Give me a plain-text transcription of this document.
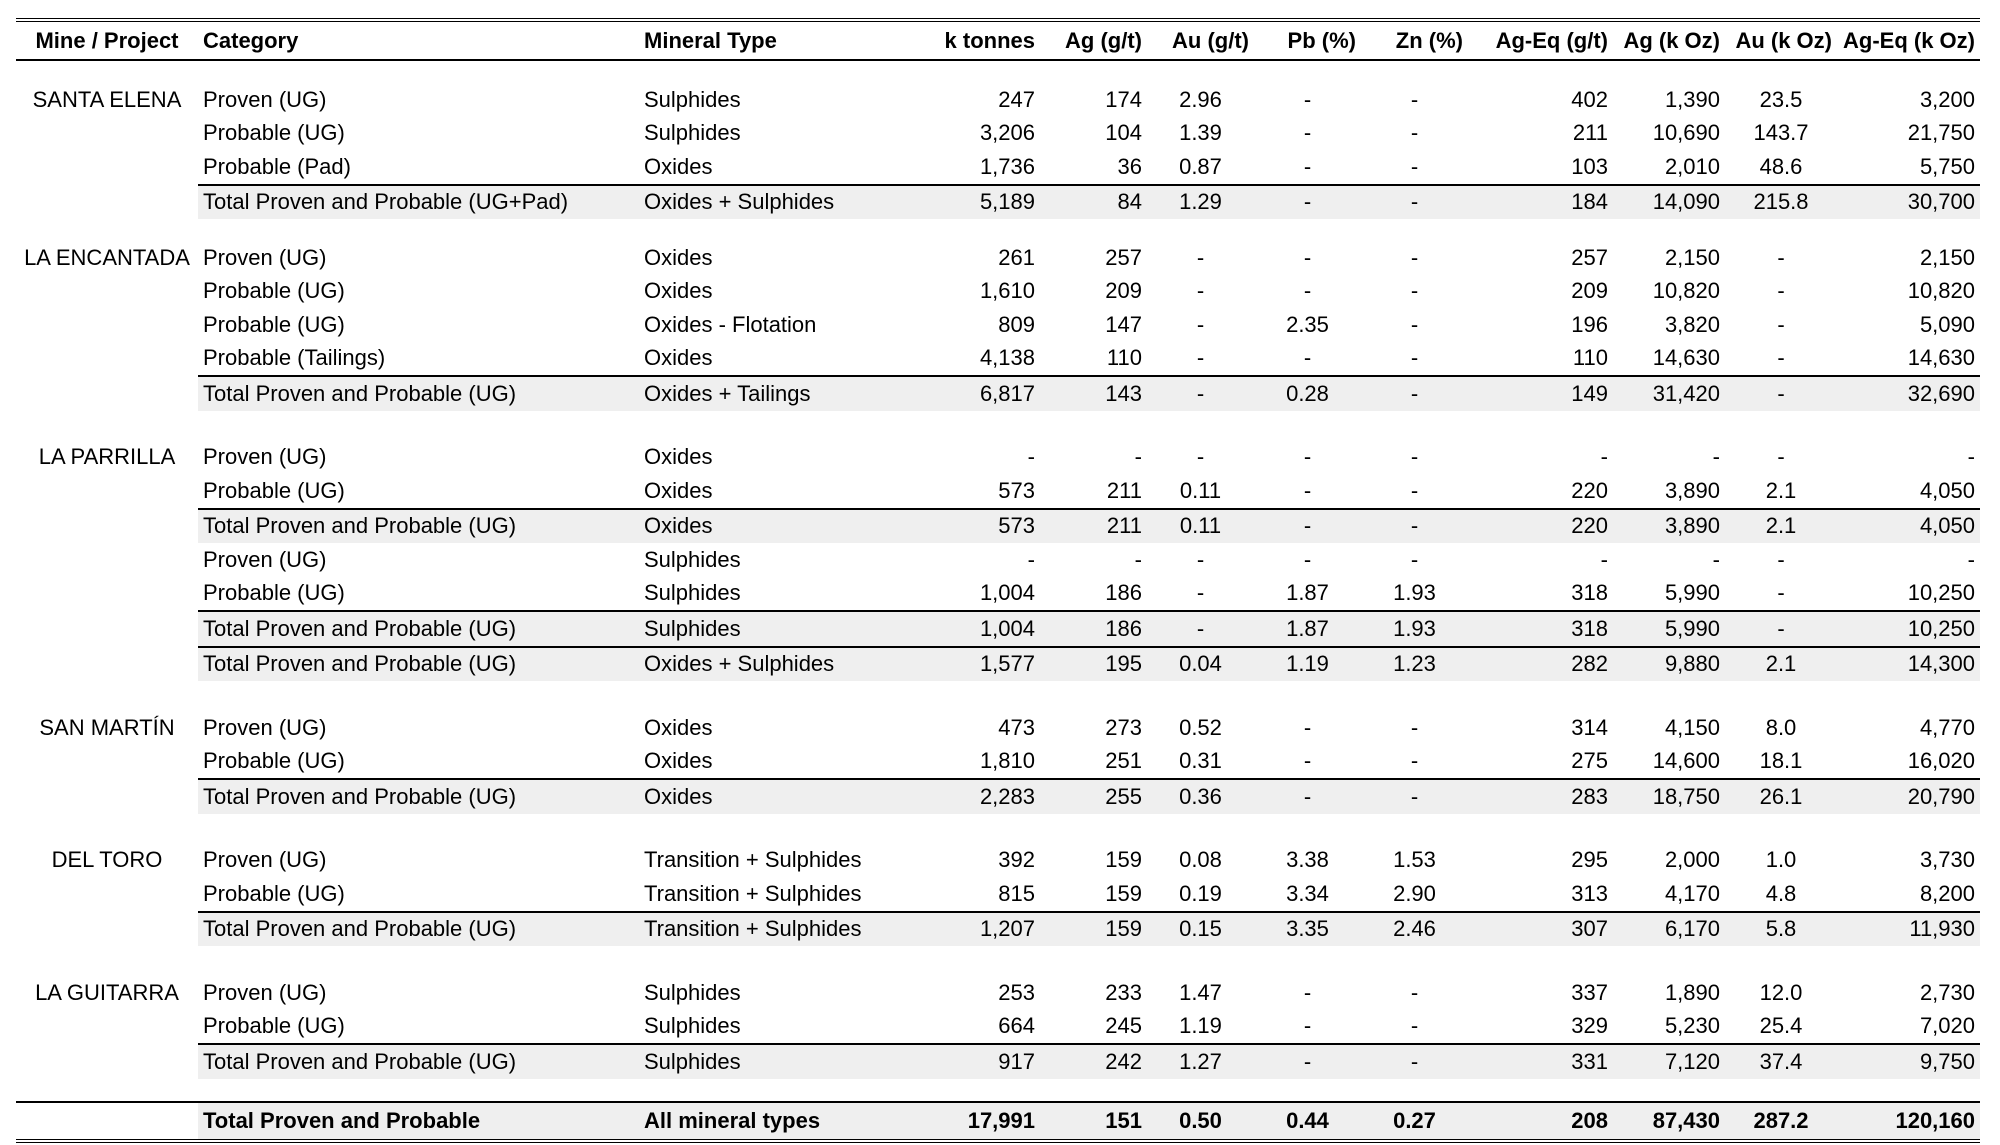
Mine / Project	Category	Mineral Type	k tonnes	Ag (g/t)	Au (g/t)	Pb (%)	Zn (%)	Ag-Eq (g/t)	Ag (k Oz)	Au (k Oz)	Ag-Eq (k Oz)

SANTA ELENA	Proven (UG)	Sulphides	247	174	2.96	-	-	402	1,390	23.5	3,200
	Probable (UG)	Sulphides	3,206	104	1.39	-	-	211	10,690	143.7	21,750
	Probable (Pad)	Oxides	1,736	36	0.87	-	-	103	2,010	48.6	5,750
	Total Proven and Probable (UG+Pad)	Oxides + Sulphides	5,189	84	1.29	-	-	184	14,090	215.8	30,700

LA ENCANTADA	Proven (UG)	Oxides	261	257	-	-	-	257	2,150	-	2,150
	Probable (UG)	Oxides	1,610	209	-	-	-	209	10,820	-	10,820
	Probable (UG)	Oxides - Flotation	809	147	-	2.35	-	196	3,820	-	5,090
	Probable (Tailings)	Oxides	4,138	110	-	-	-	110	14,630	-	14,630
	Total Proven and Probable (UG)	Oxides + Tailings	6,817	143	-	0.28	-	149	31,420	-	32,690

LA PARRILLA	Proven (UG)	Oxides	-	-	-	-	-	-	-	-	-
	Probable (UG)	Oxides	573	211	0.11	-	-	220	3,890	2.1	4,050
	Total Proven and Probable (UG)	Oxides	573	211	0.11	-	-	220	3,890	2.1	4,050
	Proven (UG)	Sulphides	-	-	-	-	-	-	-	-	-
	Probable (UG)	Sulphides	1,004	186	-	1.87	1.93	318	5,990	-	10,250
	Total Proven and Probable (UG)	Sulphides	1,004	186	-	1.87	1.93	318	5,990	-	10,250
	Total Proven and Probable (UG)	Oxides + Sulphides	1,577	195	0.04	1.19	1.23	282	9,880	2.1	14,300

SAN MARTÍN	Proven (UG)	Oxides	473	273	0.52	-	-	314	4,150	8.0	4,770
	Probable (UG)	Oxides	1,810	251	0.31	-	-	275	14,600	18.1	16,020
	Total Proven and Probable (UG)	Oxides	2,283	255	0.36	-	-	283	18,750	26.1	20,790

DEL TORO	Proven (UG)	Transition + Sulphides	392	159	0.08	3.38	1.53	295	2,000	1.0	3,730
	Probable (UG)	Transition + Sulphides	815	159	0.19	3.34	2.90	313	4,170	4.8	8,200
	Total Proven and Probable (UG)	Transition + Sulphides	1,207	159	0.15	3.35	2.46	307	6,170	5.8	11,930

LA GUITARRA	Proven (UG)	Sulphides	253	233	1.47	-	-	337	1,890	12.0	2,730
	Probable (UG)	Sulphides	664	245	1.19	-	-	329	5,230	25.4	7,020
	Total Proven and Probable (UG)	Sulphides	917	242	1.27	-	-	331	7,120	37.4	9,750

	Total Proven and Probable	All mineral types	17,991	151	0.50	0.44	0.27	208	87,430	287.2	120,160
